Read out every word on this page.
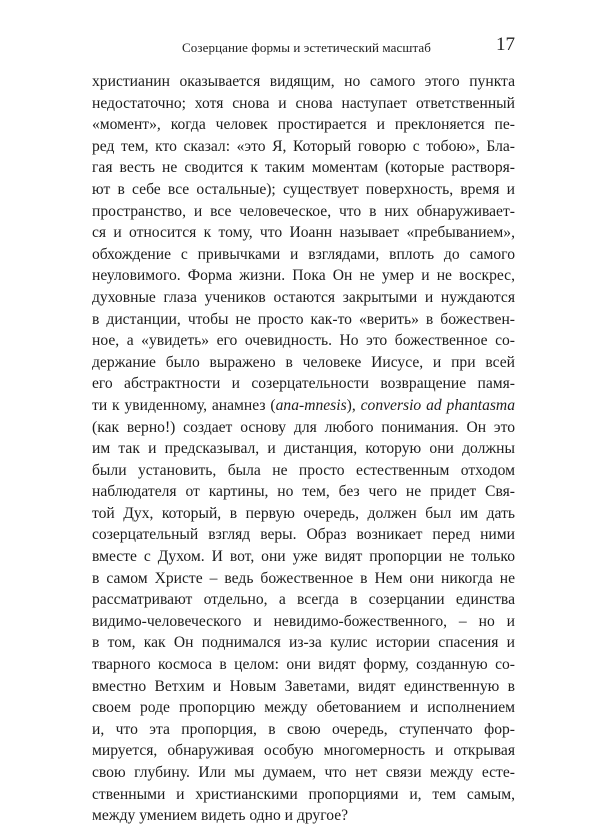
Созерцание формы и эстетический масштаб	17
христианин оказывается видящим, но самого этого пункта
недостаточно; хотя снова и снова наступает ответственный
«момент», когда человек простирается и преклоняется пе-
ред тем, кто сказал: «это Я, Который говорю с тобою», Бла-
гая весть не сводится к таким моментам (которые растворя-
ют в себе все остальные); существует поверхность, время и
пространство, и все человеческое, что в них обнаруживает-
ся и относится к тому, что Иоанн называет «пребыванием»,
обхождение с привычками и взглядами, вплоть до самого
неуловимого. Форма жизни. Пока Он не умер и не воскрес,
духовные глаза учеников остаются закрытыми и нуждаются
в дистанции, чтобы не просто как-то «верить» в божествен-
ное, а «увидеть» его очевидность. Но это божественное со-
держание было выражено в человеке Иисусе, и при всей
его абстрактности и созерцательности возвращение памя-
ти к увиденному, анамнез (ana-mnesis), conversio ad phantasma
(как верно!) создает основу для любого понимания. Он это
им так и предсказывал, и дистанция, которую они должны
были установить, была не просто естественным отходом
наблюдателя от картины, но тем, без чего не придет Свя-
той Дух, который, в первую очередь, должен был им дать
созерцательный взгляд веры. Образ возникает перед ними
вместе с Духом. И вот, они уже видят пропорции не только
в самом Христе – ведь божественное в Нем они никогда не
рассматривают отдельно, а всегда в созерцании единства
видимо-человеческого и невидимо-божественного, – но и
в том, как Он поднимался из-за кулис истории спасения и
тварного космоса в целом: они видят форму, созданную со-
вместно Ветхим и Новым Заветами, видят единственную в
своем роде пропорцию между обетованием и исполнением
и, что эта пропорция, в свою очередь, ступенчато фор-
мируется, обнаруживая особую многомерность и открывая
свою глубину. Или мы думаем, что нет связи между есте-
ственными и христианскими пропорциями и, тем самым,
между умением видеть одно и другое?
